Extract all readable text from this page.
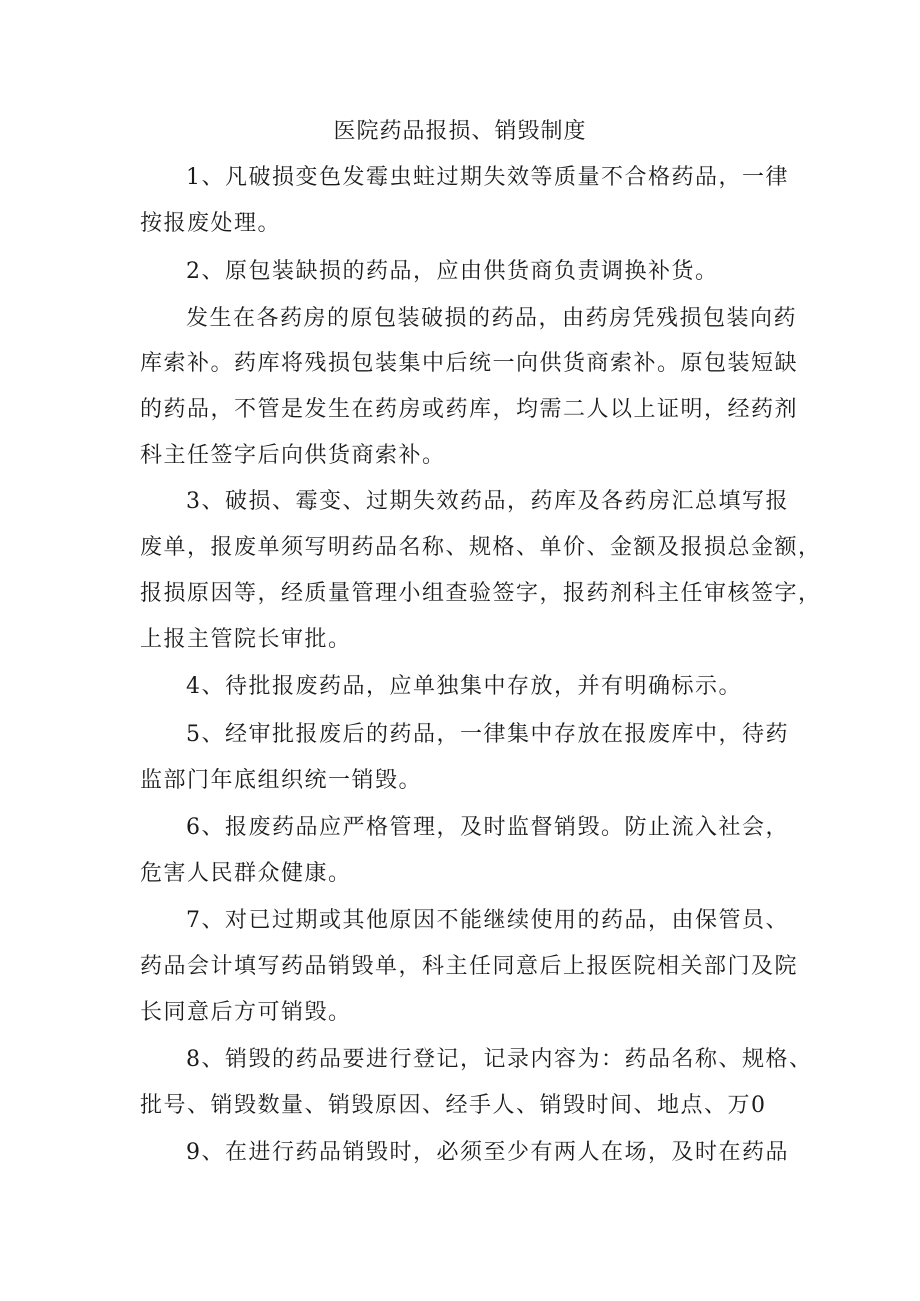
医院药品报损、销毁制度
1、凡破损变色发霉虫蛀过期失效等质量不合格药品，一律
按报废处理。
2、原包装缺损的药品，应由供货商负责调换补货。
发生在各药房的原包装破损的药品，由药房凭残损包装向药
库索补。药库将残损包装集中后统一向供货商索补。原包装短缺
的药品，不管是发生在药房或药库，均需二人以上证明，经药剂
科主任签字后向供货商索补。
3、破损、霉变、过期失效药品，药库及各药房汇总填写报
废单，报废单须写明药品名称、规格、单价、金额及报损总金额，
报损原因等，经质量管理小组查验签字，报药剂科主任审核签字，
上报主管院长审批。
4、待批报废药品，应单独集中存放，并有明确标示。
5、经审批报废后的药品，一律集中存放在报废库中，待药
监部门年底组织统一销毁。
6、报废药品应严格管理，及时监督销毁。防止流入社会，
危害人民群众健康。
7、对已过期或其他原因不能继续使用的药品，由保管员、
药品会计填写药品销毁单，科主任同意后上报医院相关部门及院
长同意后方可销毁。
8、销毁的药品要进行登记，记录内容为：药品名称、规格、
批号、销毁数量、销毁原因、经手人、销毁时间、地点、万0
9、在进行药品销毁时，必须至少有两人在场，及时在药品
